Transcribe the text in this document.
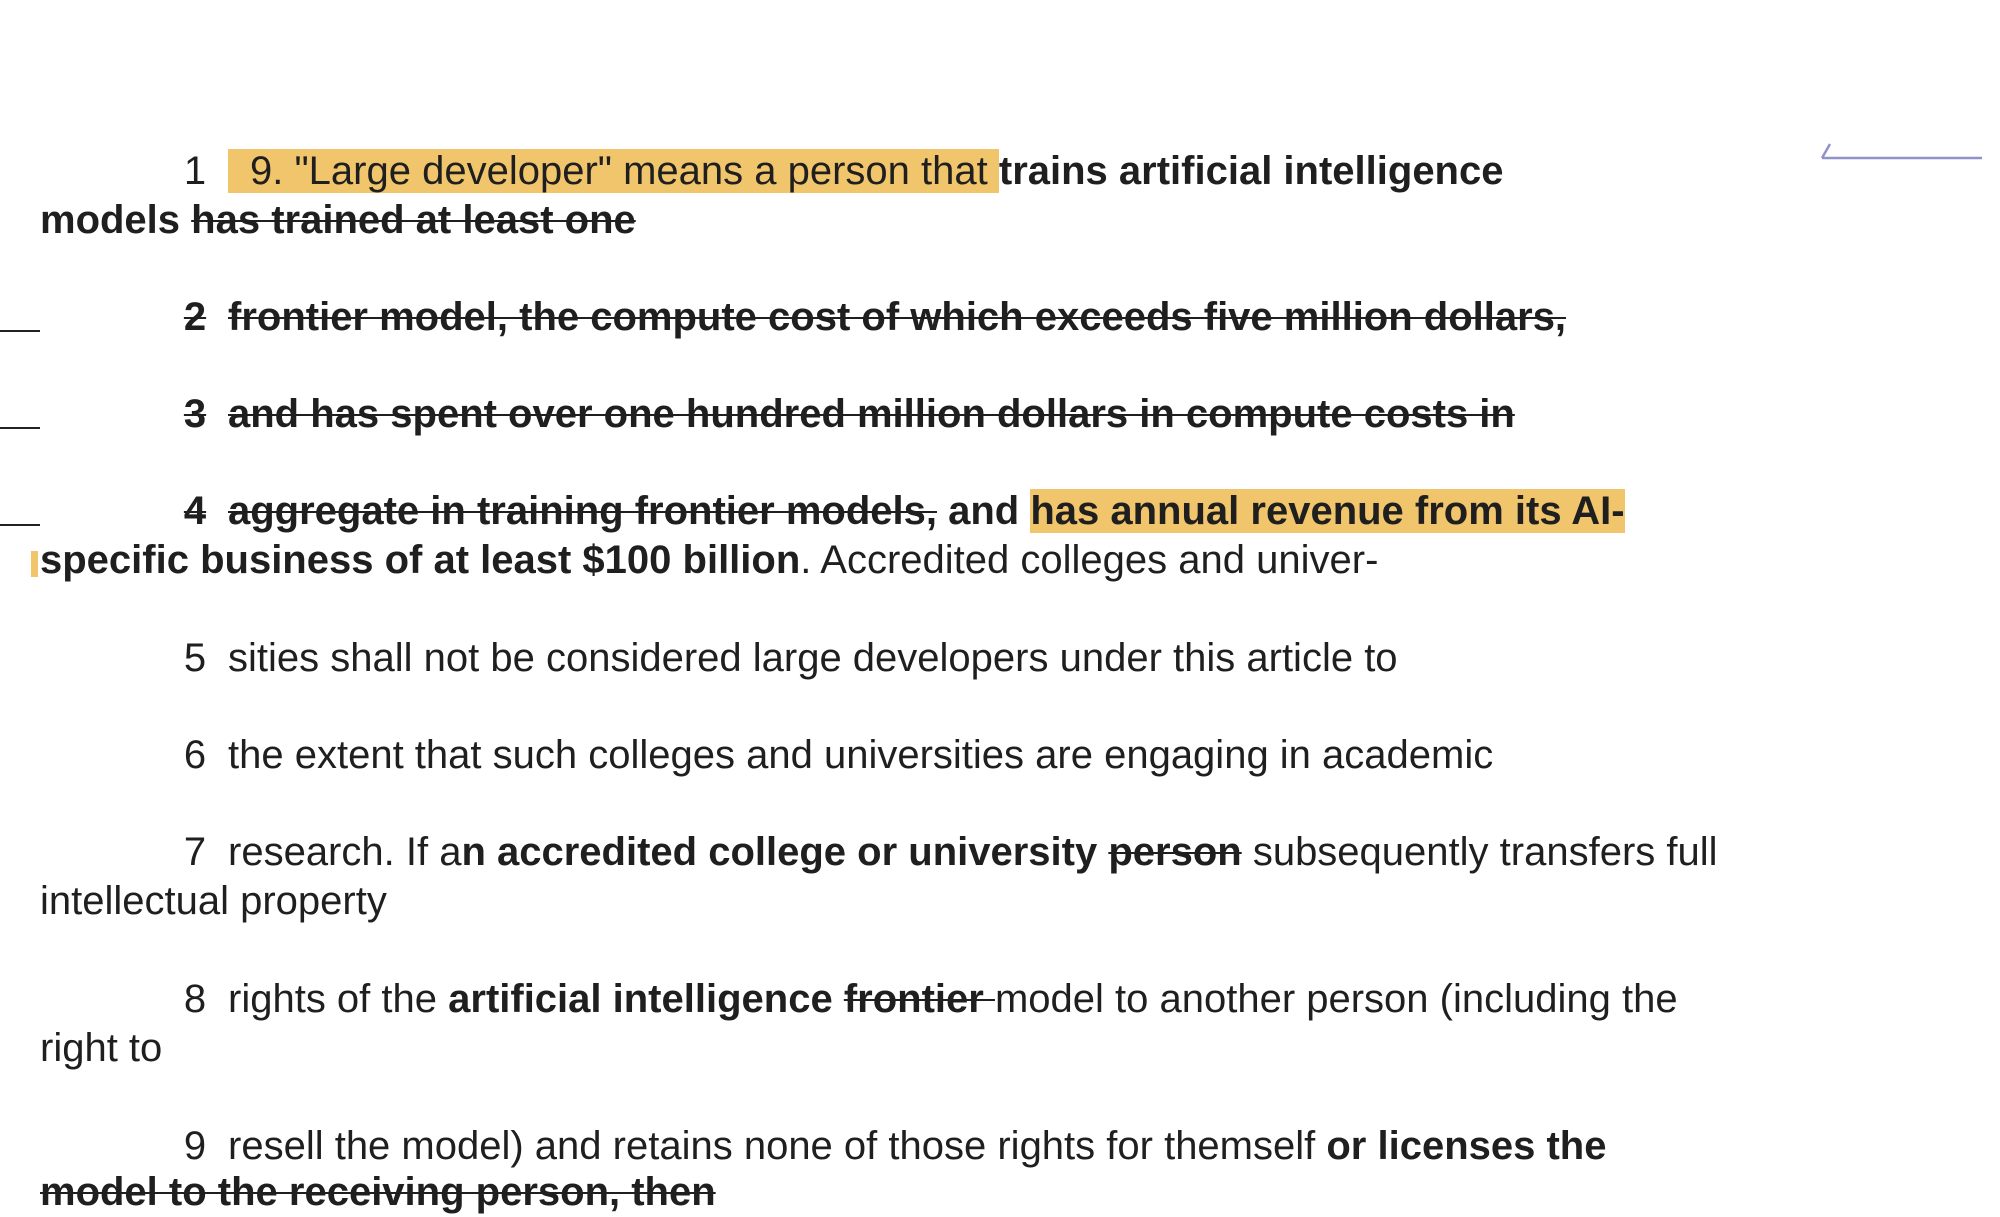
1 9. "Large developer" means a person that trains artificial intelligence
models has trained at least one
2 frontier model, the compute cost of which exceeds five million dollars,
3 and has spent over one hundred million dollars in compute costs in
4 aggregate in training frontier models, and has annual revenue from its AI-
specific business of at least $100 billion. Accredited colleges and univer-
5 sities shall not be considered large developers under this article to
6 the extent that such colleges and universities are engaging in academic
7 research. If an accredited college or university person subsequently transfers full
intellectual property
8 rights of the artificial intelligence frontier model to another person (including the
right to
9 resell the model) and retains none of those rights for themself or licenses the
model to the receiving person, then
